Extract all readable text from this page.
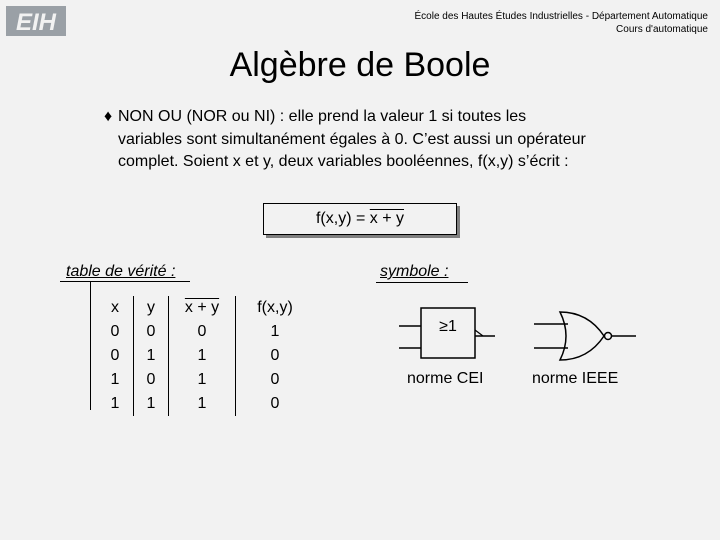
EIH	École des Hautes Études Industrielles - Département Automatique
Cours d'automatique
Algèbre de Boole
♦ NON OU (NOR ou NI) : elle prend la valeur 1 si toutes les

variables sont simultanément égales à 0. C’est aussi un opérateur

complet. Soient x et y, deux variables booléennes, f(x,y) s’écrit :

f(x,y) = x + y
table de vérité :	symbole :
x	y	x + y	f(x,y)
0	0	0	1
0	1	1	0
1	0	1	0
1	1	1	0
≥1
norme CEI	norme IEEE
